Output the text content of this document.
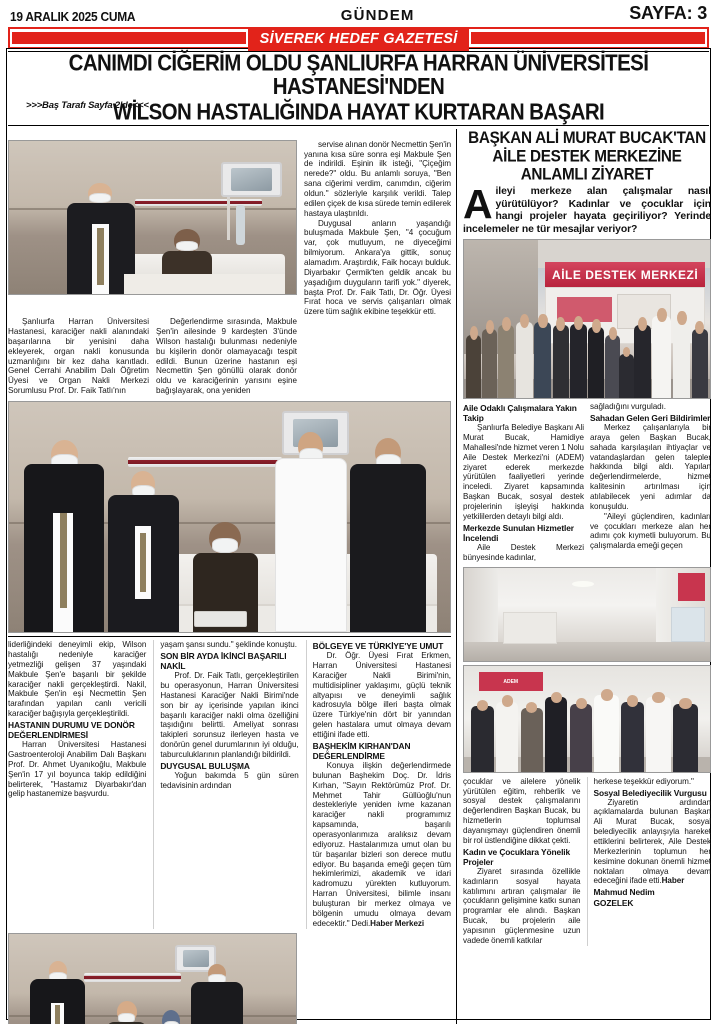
19 ARALIK 2025 CUMA	GÜNDEM	SAYFA: 3
SİVEREK HEDEF GAZETESİ
CANIMDI CİĞERİM OLDU ŞANLIURFA HARRAN ÜNİVERSİTESİ HASTANESİ'NDEN
WİLSON HASTALIĞINDA HAYAT KURTARAN BAŞARI
>>>Baş Tarafı Sayfa 2'de<<<

servise alınan donör Necmettin Şen'in yanına kısa süre sonra eşi Makbule Şen de indirildi. Eşinin ilk isteği, "Çiçeğim nerede?" oldu. Bu anlamlı soruya, "Ben sana ciğerimi verdim, canımdın, ciğerim oldun." sözleriyle karşılık verildi. Talep edilen çiçek de kısa sürede temin edilerek hastaya ulaştırıldı.

Duygusal anların yaşandığı buluşmada Makbule Şen, "4 çocuğum var, çok mutluyum, ne diyeceğimi bilmiyorum. Ankara'ya gittik, sonuç alamadım. Araştırdık, Faik hocayı bulduk. Diyarbakır Çermik'ten geldik ancak bu yaşadığım duyguların tarifi yok." diyerek, başta Prof. Dr. Faik Tatlı, Dr. Öğr. Üyesi Fırat hoca ve servis çalışanları olmak üzere tüm sağlık ekibine teşekkür etti.

Şanlıurfa Harran Üniversitesi Hastanesi, karaciğer nakli alanındaki başarılarına bir yenisini daha ekleyerek, organ nakli konusunda uzmanlığını bir kez daha kanıtladı. Genel Cerrahi Anabilim Dalı Öğretim Üyesi ve Organ Nakli Merkezi Sorumlusu Prof. Dr. Faik Tatlı'nın

Değerlendirme sırasında, Makbule Şen'in ailesinde 9 kardeşten 3'ünde Wilson hastalığı bulunması nedeniyle bu kişilerin donör olamayacağı tespit edildi. Bunun üzerine hastanın eşi Necmettin Şen gönüllü olarak donör oldu ve karaciğerinin yarısını eşine bağışlayarak, ona yeniden

liderliğindeki deneyimli ekip, Wilson hastalığı nedeniyle karaciğer yetmezliği gelişen 37 yaşındaki Makbule Şen'e başarılı bir şekilde karaciğer nakli gerçekleştirdi. Nakil, Makbule Şen'in eşi Necmettin Şen tarafından yapılan canlı vericili karaciğer bağışıyla gerçekleştirildi.

HASTANIN DURUMU VE DONÖR DEĞERLENDİRMESİ

Harran Üniversitesi Hastanesi Gastroenteroloji Anabilim Dalı Başkanı Prof. Dr. Ahmet Uyanıkoğlu, Makbule Şen'in 17 yıl boyunca takip edildiğini belirterek, "Hastamız Diyarbakır'dan gelip hastanemize başvurdu.

yaşam şansı sundu." şeklinde konuştu.

SON BİR AYDA İKİNCİ BAŞARILI NAKİL

Prof. Dr. Faik Tatlı, gerçekleştirilen bu operasyonun, Harran Üniversitesi Hastanesi Karaciğer Nakli Birimi'nde son bir ay içerisinde yapılan ikinci başarılı karaciğer nakli olma özelliğini taşıdığını belirtti. Ameliyat sonrası takipleri sorunsuz ilerleyen hasta ve donörün genel durumlarının iyi olduğu, taburculuklarının planlandığı bildirildi.

DUYGUSAL BULUŞMA

Yoğun bakımda 5 gün süren tedavisinin ardından

BÖLGEYE VE TÜRKİYE'YE UMUT

Dr. Öğr. Üyesi Fırat Erkmen, Harran Üniversitesi Hastanesi Karaciğer Nakli Birimi'nin, multidisipliner yaklaşımı, güçlü teknik altyapısı ve deneyimli sağlık kadrosuyla bölge illeri başta olmak üzere Türkiye'nin dört bir yanından gelen hastalara umut olmaya devam ettiğini ifade etti.

BAŞHEKİM KIRHAN'DAN DEĞERLENDİRME

Konuya ilişkin değerlendirmede bulunan Başhekim Doç. Dr. İdris Kırhan, "Sayın Rektörümüz Prof. Dr. Mehmet Tahir Güllüoğlu'nun destekleriyle yeniden ivme kazanan karaciğer nakli programımız kapsamında, başarılı operasyonlarımıza aralıksız devam ediyoruz. Hastalarımıza umut olan bu tür başarılar bizleri son derece mutlu ediyor. Bu başarıda emeği geçen tüm hekimlerimizi, akademik ve idari kadromuzu yürekten kutluyorum. Harran Üniversitesi, bilimle insanı buluşturan bir merkez olmaya ve bölgenin umudu olmaya devam edecektir." Dedi.Haber Merkezi

BAŞKAN ALİ MURAT BUCAK'TAN
AİLE DESTEK MERKEZİNE
ANLAMLI ZİYARET
Aileyi merkeze alan çalışmalar nasıl yürütülüyor? Kadınlar ve çocuklar için hangi projeler hayata geçiriliyor? Yerinde incelemeler ne tür mesajlar veriyor?
AİLE DESTEK MERKEZİ
Aile Odaklı Çalışmalara Yakın Takip

Şanlıurfa Belediye Başkanı Ali Murat Bucak, Hamidiye Mahallesi'nde hizmet veren 1 Nolu Aile Destek Merkezi'ni (ADEM) ziyaret ederek merkezde yürütülen faaliyetleri yerinde inceledi. Ziyaret kapsamında Başkan Bucak, sosyal destek projelerinin işleyişi hakkında yetkililerden detaylı bilgi aldı.

Merkezde Sunulan Hizmetler İncelendi

Aile Destek Merkezi bünyesinde kadınlar,

sağladığını vurguladı.

Sahadan Gelen Geri Bildirimler

Merkez çalışanlarıyla bir araya gelen Başkan Bucak, sahada karşılaşılan ihtiyaçlar ve vatandaşlardan gelen talepler hakkında bilgi aldı. Yapılan değerlendirmelerde, hizmet kalitesinin artırılması için atılabilecek yeni adımlar da konuşuldu.

"Aileyi güçlendiren, kadınları ve çocukları merkeze alan her adımı çok kıymetli buluyorum. Bu çalışmalarda emeği geçen

ADEM

çocuklar ve ailelere yönelik yürütülen eğitim, rehberlik ve sosyal destek çalışmalarını değerlendiren Başkan Bucak, bu hizmetlerin toplumsal dayanışmayı güçlendiren önemli bir rol üstlendiğine dikkat çekti.

Kadın ve Çocuklara Yönelik Projeler

Ziyaret sırasında özellikle kadınların sosyal hayata katılımını artıran çalışmalar ile çocukların gelişimine katkı sunan programlar ele alındı. Başkan Bucak, bu projelerin aile yapısının güçlenmesine uzun vadede önemli katkılar

herkese teşekkür ediyorum."

Sosyal Belediyecilik Vurgusu

Ziyaretin ardından açıklamalarda bulunan Başkan Ali Murat Bucak, sosyal belediyecilik anlayışıyla hareket ettiklerini belirterek, Aile Destek Merkezlerinin toplumun her kesimine dokunan önemli hizmet noktaları olmaya devam edeceğini ifade etti.Haber

Mahmud Nedim
GOZELEK
